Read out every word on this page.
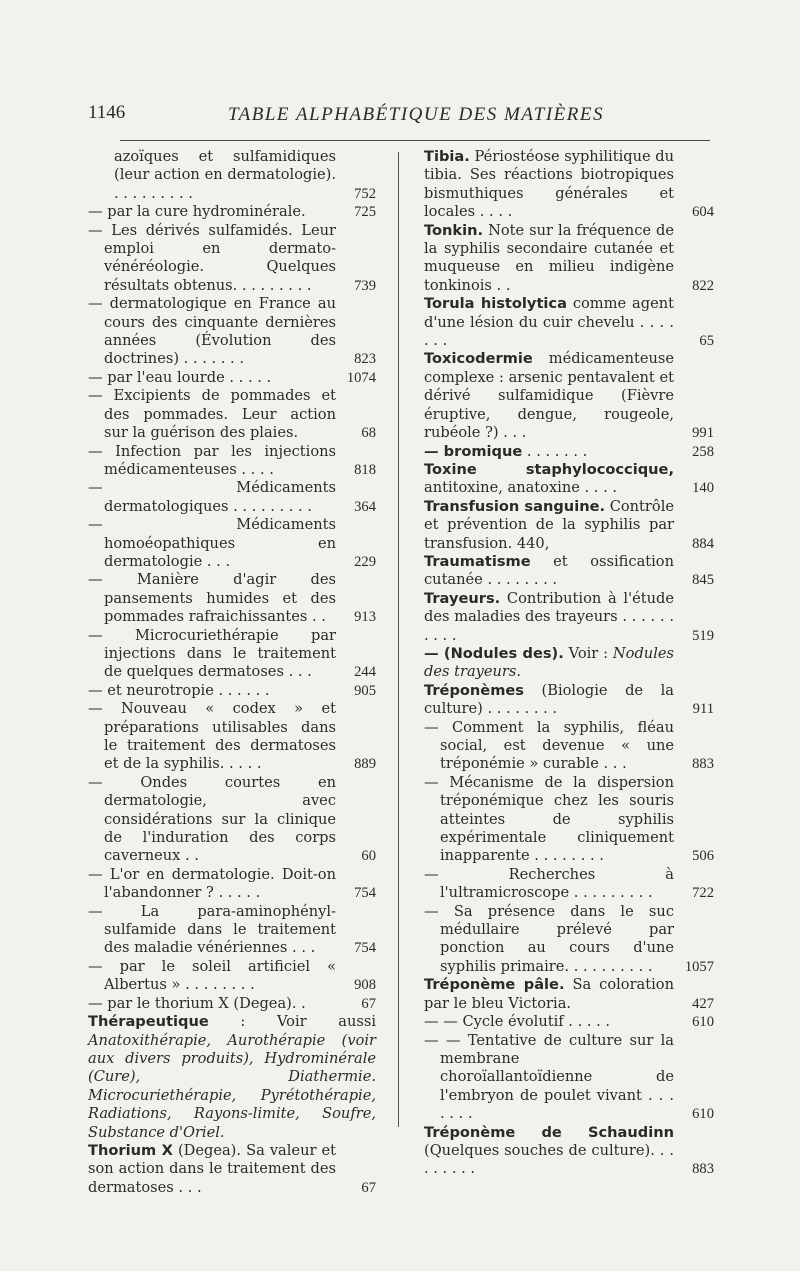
1146	TABLE ALPHABÉTIQUE DES MATIÈRES
azoïques et sulfamidiques (leur action en dermatologie). . . . . . . . . .	752
— par la cure hydrominérale.	725
— Les dérivés sulfamidés. Leur emploi en dermato-vénéréologie. Quelques résultats obtenus. . . . . . . . .	739
— dermatologique en France au cours des cinquante dernières années (Évolution des doctrines) . . . . . . .	823
— par l'eau lourde . . . . .	1074
— Excipients de pommades et des pommades. Leur action sur la guérison des plaies.	68
— Infection par les injections médicamenteuses . . . .	818
— Médicaments dermatologiques . . . . . . . . .	364
— Médicaments homoéopathiques en dermatologie . . .	229
— Manière d'agir des pansements humides et des pommades rafraichissantes . .	913
— Microcuriethérapie par injections dans le traitement de quelques dermatoses . . .	244
— et neurotropie . . . . . .	905
— Nouveau « codex » et préparations utilisables dans le traitement des dermatoses et de la syphilis. . . . .	889
— Ondes courtes en dermatologie, avec considérations sur la clinique de l'induration des corps caverneux . .	60
— L'or en dermatologie. Doit-on l'abandonner ? . . . . .	754
— La para-aminophényl-sulfamide dans le traitement des maladie vénériennes . . .	754
— par le soleil artificiel « Albertus » . . . . . . . .	908
— par le thorium X (Degea). .	67
Thérapeutique : Voir aussi Anatoxithérapie, Aurothérapie (voir aux divers produits), Hydrominérale (Cure), Diathermie. Microcuriethérapie, Pyrétothérapie, Radiations, Rayons-limite, Soufre, Substance d'Oriel.
Thorium X (Degea). Sa valeur et son action dans le traitement des dermatoses . . .	67
Tibia. Périostéose syphilitique du tibia. Ses réactions biotropiques bismuthiques générales et locales . . . .	604
Tonkin. Note sur la fréquence de la syphilis secondaire cutanée et muqueuse en milieu indigène tonkinois . .	822
Torula histolytica comme agent d'une lésion du cuir chevelu . . . . . . .	65
Toxicodermie médicamenteuse complexe : arsenic pentavalent et dérivé sulfamidique (Fièvre éruptive, dengue, rougeole, rubéole ?) . . .	991
— bromique . . . . . . .	258
Toxine staphylococcique, antitoxine, anatoxine . . . .	140
Transfusion sanguine. Contrôle et prévention de la syphilis par transfusion. 440,	884
Traumatisme et ossification cutanée . . . . . . . .	845
Trayeurs. Contribution à l'étude des maladies des trayeurs . . . . . . . . . .	519
— (Nodules des). Voir : Nodules des trayeurs.
Tréponèmes (Biologie de la culture) . . . . . . . .	911
— Comment la syphilis, fléau social, est devenue « une tréponémie » curable . . .	883
— Mécanisme de la dispersion tréponémique chez les souris atteintes de syphilis expérimentale cliniquement inapparente . . . . . . . .	506
— Recherches à l'ultramicroscope . . . . . . . . .	722
— Sa présence dans le suc médullaire prélevé par ponction au cours d'une syphilis primaire. . . . . . . . . .	1057
Tréponème pâle. Sa coloration par le bleu Victoria.	427
— — Cycle évolutif . . . . .	610
— — Tentative de culture sur la membrane choroïallantoïdienne de l'embryon de poulet vivant . . . . . . .	610
Tréponème de Schaudinn (Quelques souches de culture). . . . . . . . .	883
